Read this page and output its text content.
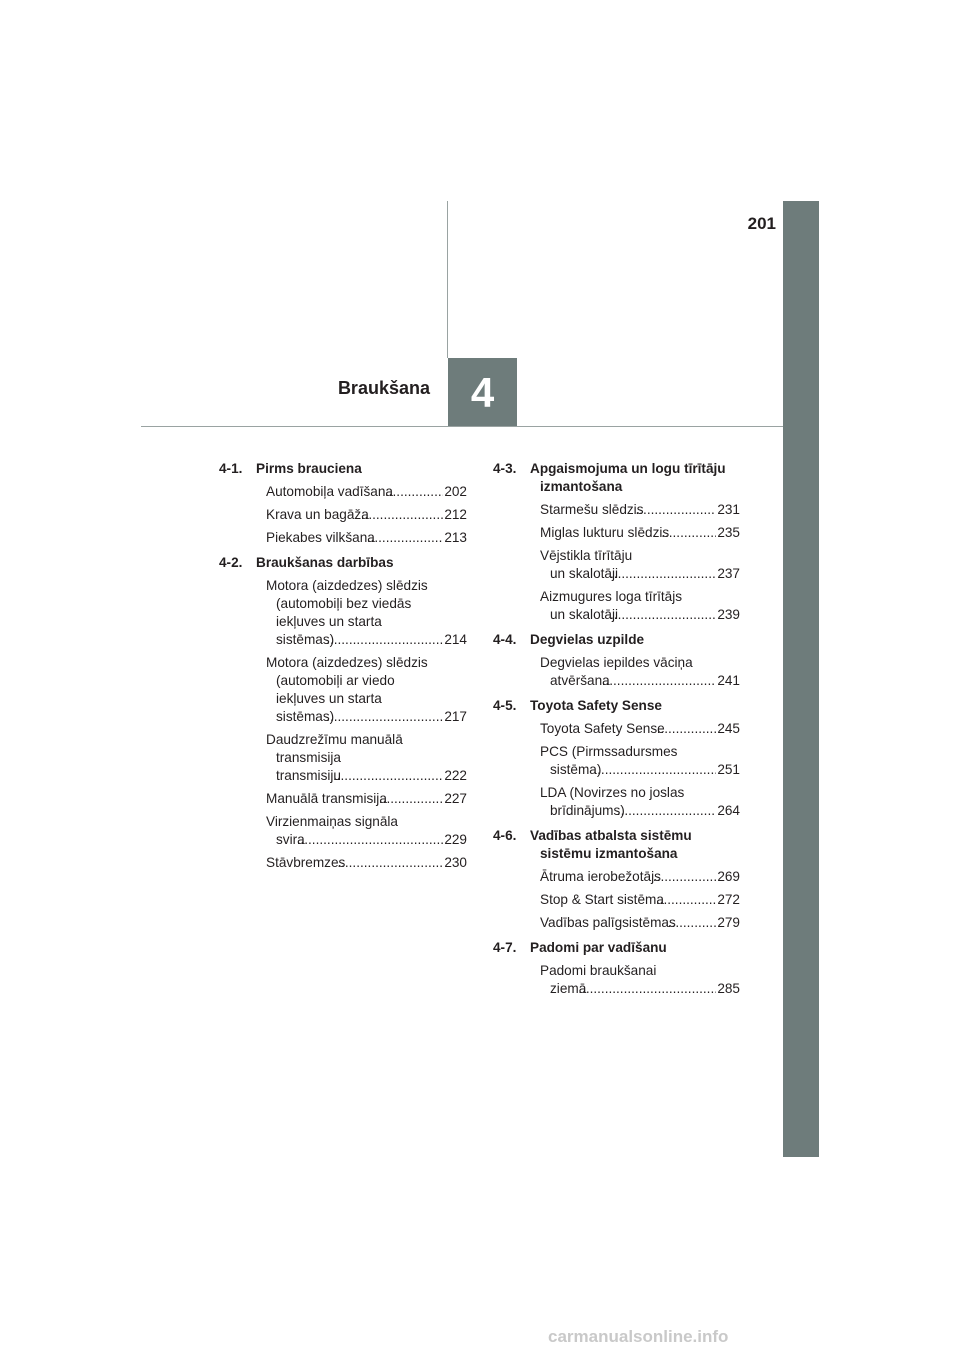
201
4
Braukšana
4-1. Pirms brauciena
Automobiļa vadīšana .....	202
Krava un bagāža .....	212
Piekabes vilkšana .....	213
4-2. Braukšanas darbības
Motora (aizdedzes) slēdzis
(automobiļi bez viedās
iekļuves un starta
sistēmas) .....	214
Motora (aizdedzes) slēdzis
(automobiļi ar viedo
iekļuves un starta
sistēmas) .....	217
Daudzrežīmu manuālā
transmisija
transmisiju .....	222
Manuālā transmisija .....	227
Virzienmaiņas signāla
svira .....	229
Stāvbremzes .....	230
4-3. Apgaismojuma un logu tīrītāju izmantošana
Starmešu slēdzis .....	231
Miglas lukturu slēdzis .....	235
Vējstikla tīrītāju
un skalotāji .....	237
Aizmugures loga tīrītājs
un skalotāji .....	239
4-4. Degvielas uzpilde
Degvielas iepildes vāciņa
atvēršana .....	241
4-5. Toyota Safety Sense
Toyota Safety Sense .....	245
PCS (Pirmssadursmes
sistēma) .....	251
LDA (Novirzes no joslas
brīdinājums) .....	264
4-6. Vadības atbalsta sistēmu sistēmu izmantošana
Ātruma ierobežotājs .....	269
Stop & Start sistēma .....	272
Vadības palīgsistēmas .....	279
4-7. Padomi par vadīšanu
Padomi braukšanai
ziemā .....	285
carmanualsonline.info
